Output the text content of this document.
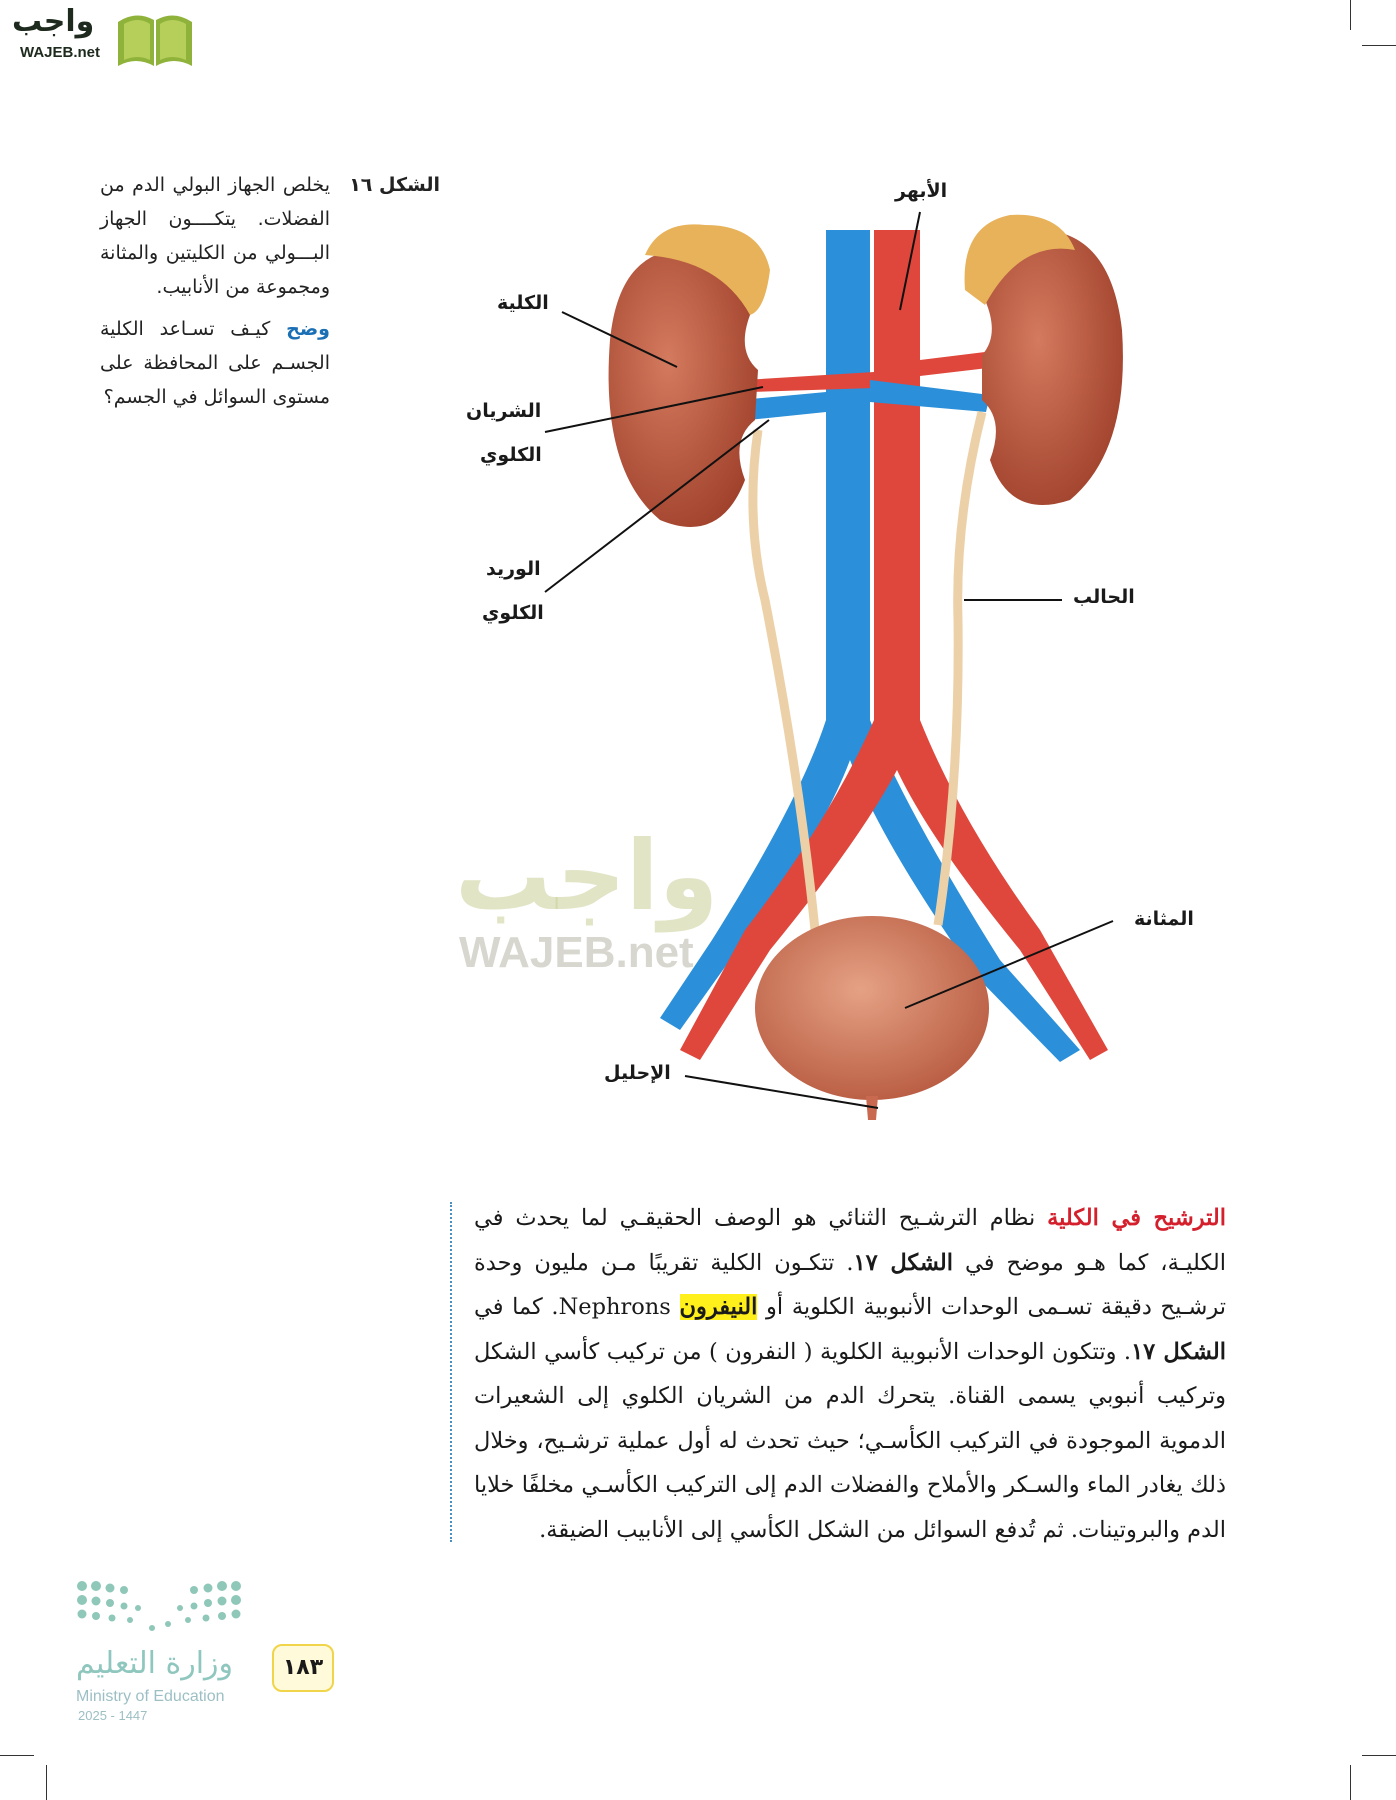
واجب
WAJEB.net
الشكل ١٦
يخلص الجهاز البولي الدم من الفضلات. يتكــــون الجهاز البـــولي من الكليتين والمثانة ومجموعة من الأنابيب.
وضح كيـف تسـاعد الكلية الجسـم على المحافظة على مستوى السوائل في الجسم؟
واجب
WAJEB.net
الأبهر
الكلية
الشريان
الكلوي
الوريد
الكلوي
الحالب
المثانة
الإحليل

الترشيح في الكلية نظام الترشـيح الثنائي هو الوصف الحقيقـي لما يحدث في الكليـة، كما هـو موضح في الشكل ١٧. تتكـون الكلية تقريبًا مـن مليون وحدة ترشـيح دقيقة تسـمى الوحدات الأنبوبية الكلوية أو النيفرون Nephrons. كما في الشكل ١٧. وتتكون الوحدات الأنبوبية الكلوية ( النفرون ) من تركيب كأسي الشكل وتركيب أنبوبي يسمى القناة. يتحرك الدم من الشريان الكلوي إلى الشعيرات الدموية الموجودة في التركيب الكأسـي؛ حيث تحدث له أول عملية ترشـيح، وخلال ذلك يغادر الماء والسـكر والأملاح والفضلات الدم إلى التركيب الكأسـي مخلفًا خلايا الدم والبروتينات. ثم تُدفع السوائل من الشكل الكأسي إلى الأنابيب الضيقة.

وزارة التعليم
Ministry of Education
2025 - 1447
١٨٣
